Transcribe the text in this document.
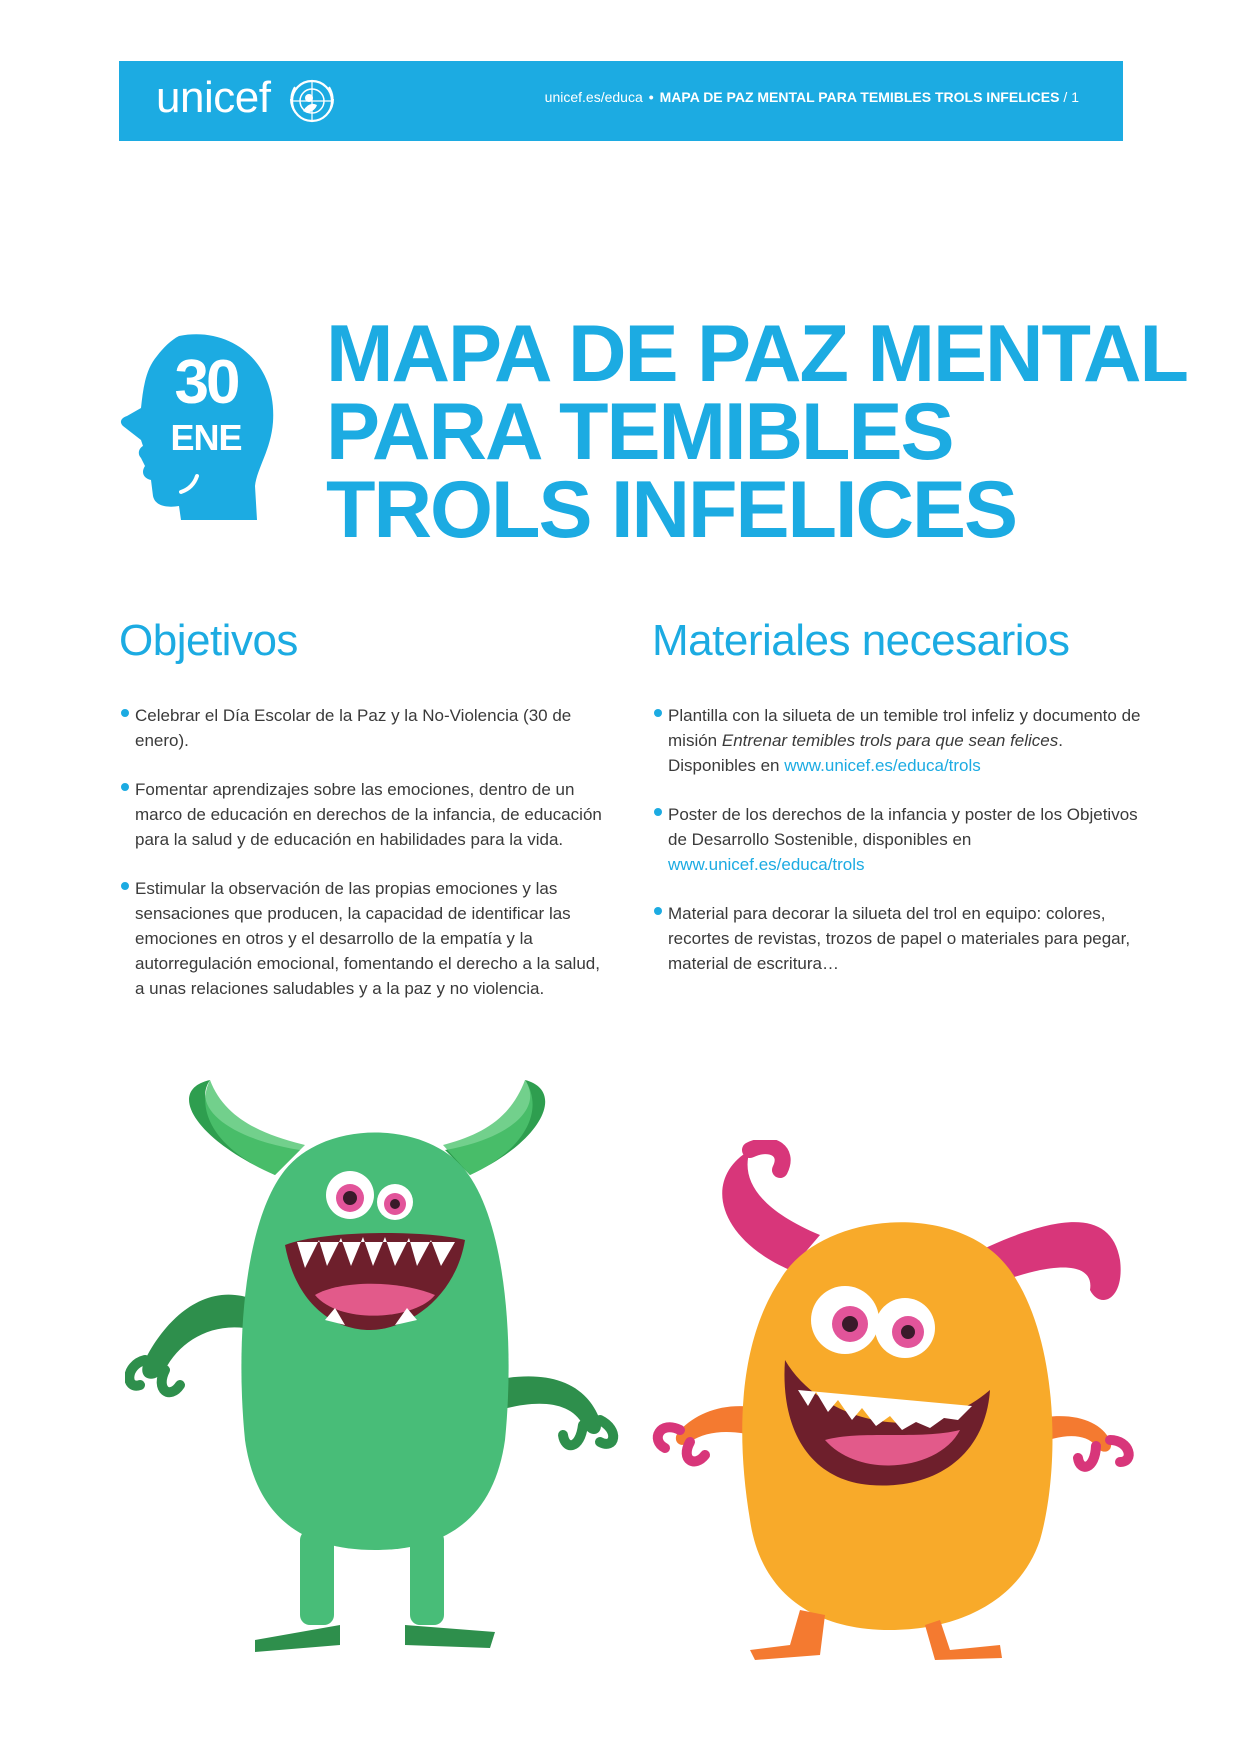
unicef	unicef.es/educa • MAPA DE PAZ MENTAL PARA TEMIBLES TROLS INFELICES / 1
30
ENE
MAPA DE PAZ MENTAL
PARA TEMIBLES
TROLS INFELICES
Objetivos
Celebrar el Día Escolar de la Paz y la No-Violencia (30 de enero).
Fomentar aprendizajes sobre las emociones, dentro de un marco de educación en derechos de la infancia, de educación para la salud y de educación en habilidades para la vida.
Estimular la observación de las propias emociones y las sensaciones que producen, la capacidad de identificar las emociones en otros y el desarrollo de la empatía y la autorregulación emocional, fomentando el derecho a la salud, a unas relaciones saludables y a la paz y no violencia.
Materiales necesarios
Plantilla con la silueta de un temible trol infeliz y documento de misión Entrenar temibles trols para que sean felices. Disponibles en www.unicef.es/educa/trols
Poster de los derechos de la infancia y poster de los Objetivos de Desarrollo Sostenible, disponibles en www.unicef.es/educa/trols
Material para decorar la silueta del trol en equipo: colores, recortes de revistas, trozos de papel o materiales para pegar, material de escritura…
